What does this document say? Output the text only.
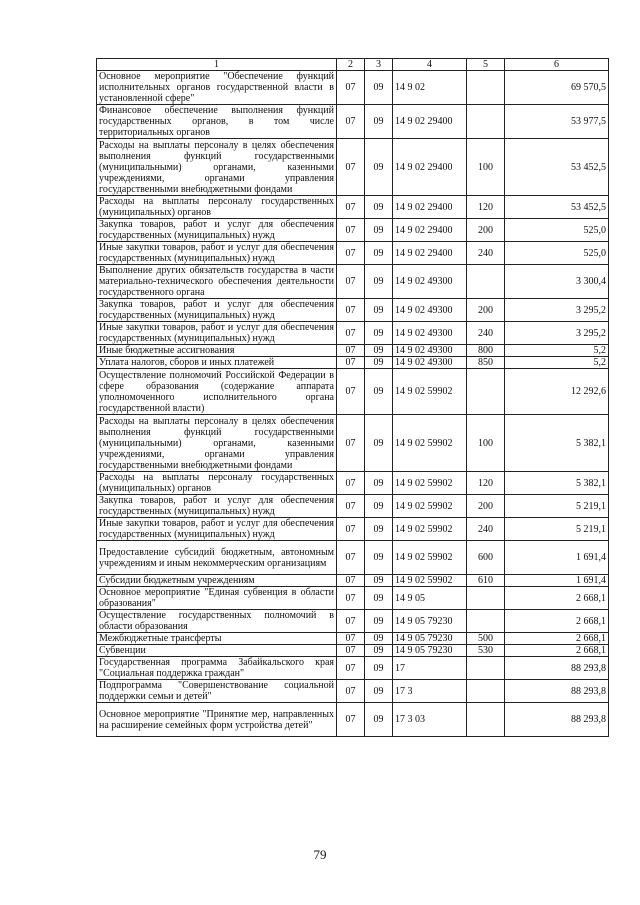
1	2	3	4	5	6
Основное мероприятие "Обеспечение функций исполнительных органов государственной власти в установленной сфере"	07	09	14 9 02		69 570,5
Финансовое обеспечение выполнения функций государственных органов, в том числе территориальных органов	07	09	14 9 02 29400		53 977,5
Расходы на выплаты персоналу в целях обеспечения выполнения функций государственными (муниципальными) органами, казенными учреждениями, органами управления государственными внебюджетными фондами	07	09	14 9 02 29400	100	53 452,5
Расходы на выплаты персоналу государственных (муниципальных) органов	07	09	14 9 02 29400	120	53 452,5
Закупка товаров, работ и услуг для обеспечения государственных (муниципальных) нужд	07	09	14 9 02 29400	200	525,0
Иные закупки товаров, работ и услуг для обеспечения государственных (муниципальных) нужд	07	09	14 9 02 29400	240	525,0
Выполнение других обязательств государства в части материально-технического обеспечения деятельности государственного органа	07	09	14 9 02 49300		3 300,4
Закупка товаров, работ и услуг для обеспечения государственных (муниципальных) нужд	07	09	14 9 02 49300	200	3 295,2
Иные закупки товаров, работ и услуг для обеспечения государственных (муниципальных) нужд	07	09	14 9 02 49300	240	3 295,2
Иные бюджетные ассигнования	07	09	14 9 02 49300	800	5,2
Уплата налогов, сборов и иных платежей	07	09	14 9 02 49300	850	5,2
Осуществление полномочий Российской Федерации в сфере образования (содержание аппарата уполномоченного исполнительного органа государственной власти)	07	09	14 9 02 59902		12 292,6
Расходы на выплаты персоналу в целях обеспечения выполнения функций государственными (муниципальными) органами, казенными учреждениями, органами управления государственными внебюджетными фондами	07	09	14 9 02 59902	100	5 382,1
Расходы на выплаты персоналу государственных (муниципальных) органов	07	09	14 9 02 59902	120	5 382,1
Закупка товаров, работ и услуг для обеспечения государственных (муниципальных) нужд	07	09	14 9 02 59902	200	5 219,1
Иные закупки товаров, работ и услуг для обеспечения государственных (муниципальных) нужд	07	09	14 9 02 59902	240	5 219,1
Предоставление субсидий бюджетным, автономным учреждениям и иным некоммерческим организациям	07	09	14 9 02 59902	600	1 691,4
Субсидии бюджетным учреждениям	07	09	14 9 02 59902	610	1 691,4
Основное мероприятие "Единая субвенция в области образования"	07	09	14 9 05		2 668,1
Осуществление государственных полномочий в области образования	07	09	14 9 05 79230		2 668,1
Межбюджетные трансферты	07	09	14 9 05 79230	500	2 668,1
Субвенции	07	09	14 9 05 79230	530	2 668,1
Государственная программа Забайкальского края "Социальная поддержка граждан"	07	09	17		88 293,8
Подпрограмма "Совершенствование социальной поддержки семьи и детей"	07	09	17 3		88 293,8
Основное мероприятие "Принятие мер, направленных на расширение семейных форм устройства детей"	07	09	17 3 03		88 293,8
79
